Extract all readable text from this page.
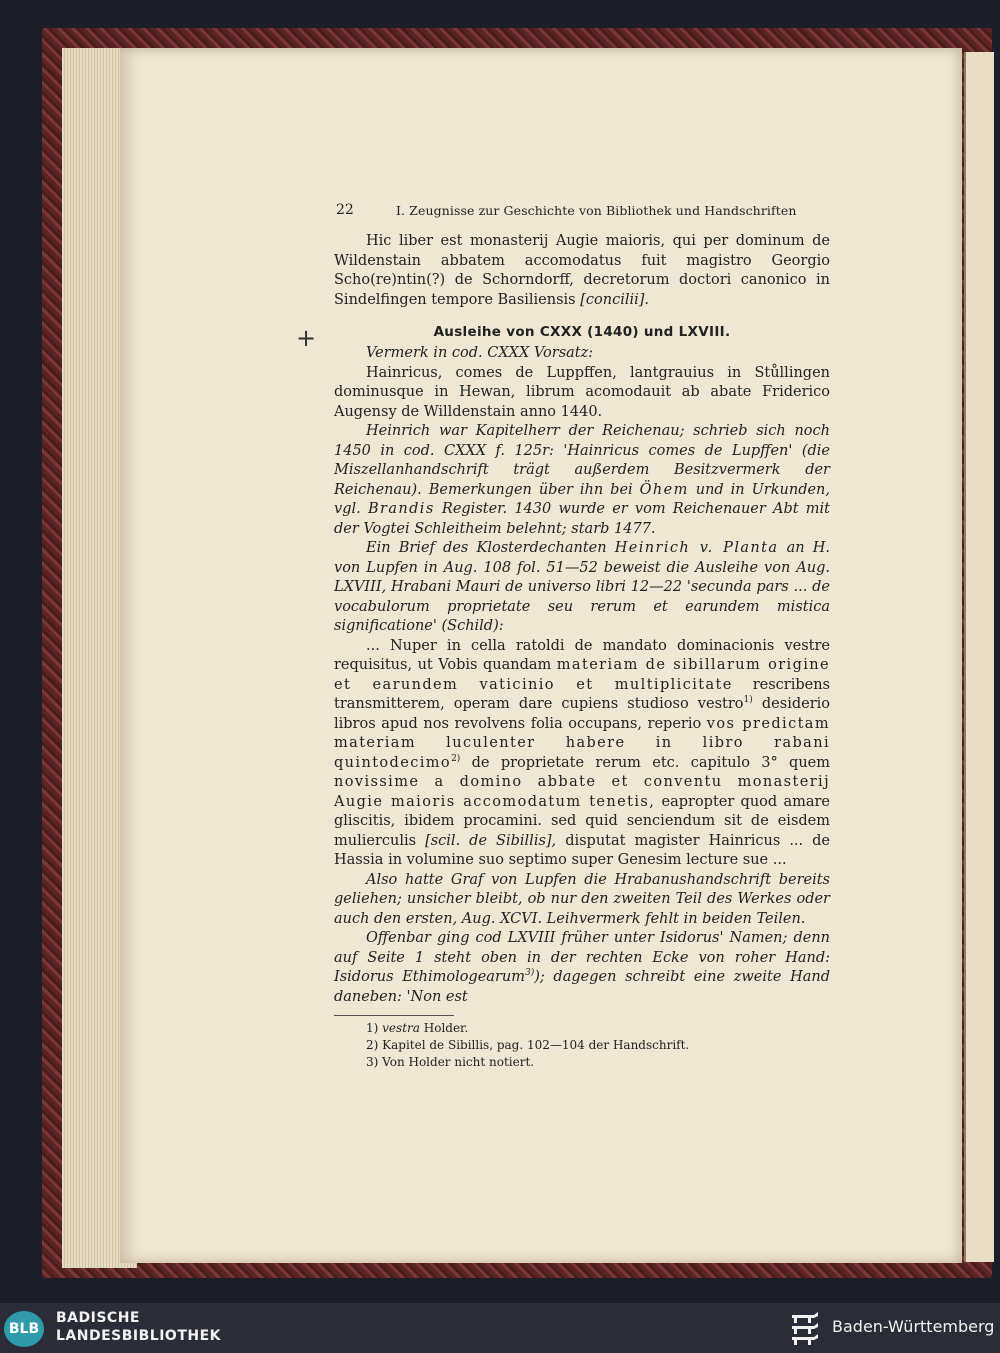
+
22	I. Zeugnisse zur Geschichte von Bibliothek und Handschriften

Hic liber est monasterij Augie maioris, qui per dominum de Wildenstain abbatem accomodatus fuit magistro Georgio Scho(re)ntin(?) de Schorndorff, decretorum doctori canonico in Sindelfingen tempore Basiliensis [concilii].

Ausleihe von CXXX (1440) und LXVIII.

Vermerk in cod. CXXX Vorsatz:

Hainricus, comes de Luppffen, lantgrauius in Stůllingen dominusque in Hewan, librum acomodauit ab abate Friderico Augensy de Willdenstain anno 1440.

Heinrich war Kapitelherr der Reichenau; schrieb sich noch 1450 in cod. CXXX f. 125r: 'Hainricus comes de Lupffen' (die Miszellanhandschrift trägt außerdem Besitzvermerk der Reichenau). Bemerkungen über ihn bei Öhem und in Urkunden, vgl. Brandis Register. 1430 wurde er vom Reichenauer Abt mit der Vogtei Schleitheim belehnt; starb 1477.

Ein Brief des Klosterdechanten Heinrich v. Planta an H. von Lupfen in Aug. 108 fol. 51—52 beweist die Ausleihe von Aug. LXVIII, Hrabani Mauri de universo libri 12—22 'secunda pars ... de vocabulorum proprietate seu rerum et earundem mistica significatione' (Schild):

... Nuper in cella ratoldi de mandato dominacionis vestre requisitus, ut Vobis quandam materiam de sibillarum origine et earundem vaticinio et multiplicitate rescribens transmitterem, operam dare cupiens studioso vestro$^{1)}$ desiderio libros apud nos revolvens folia occupans, reperio vos predictam materiam luculenter habere in libro rabani quintodecimo$^{2)}$ de proprietate rerum etc. capitulo 3° quem novissime a domino abbate et conventu monasterij Augie maioris accomodatum tenetis, eapropter quod amare gliscitis, ibidem procamini. sed quid senciendum sit de eisdem mulierculis [scil. de Sibillis], disputat magister Hainricus ... de Hassia in volumine suo septimo super Genesim lecture sue ...

Also hatte Graf von Lupfen die Hrabanushandschrift bereits geliehen; unsicher bleibt, ob nur den zweiten Teil des Werkes oder auch den ersten, Aug. XCVI. Leihvermerk fehlt in beiden Teilen.

Offenbar ging cod LXVIII früher unter Isidorus' Namen; denn auf Seite 1 steht oben in der rechten Ecke von roher Hand: Isidorus Ethimologearum$^{3)}$); dagegen schreibt eine zweite Hand daneben: 'Non est

1) vestra Holder.
2) Kapitel de Sibillis, pag. 102—104 der Handschrift.
3) Von Holder nicht notiert.
BLB
BADISCHE
LANDESBIBLIOTHEK	Baden-Württemberg
